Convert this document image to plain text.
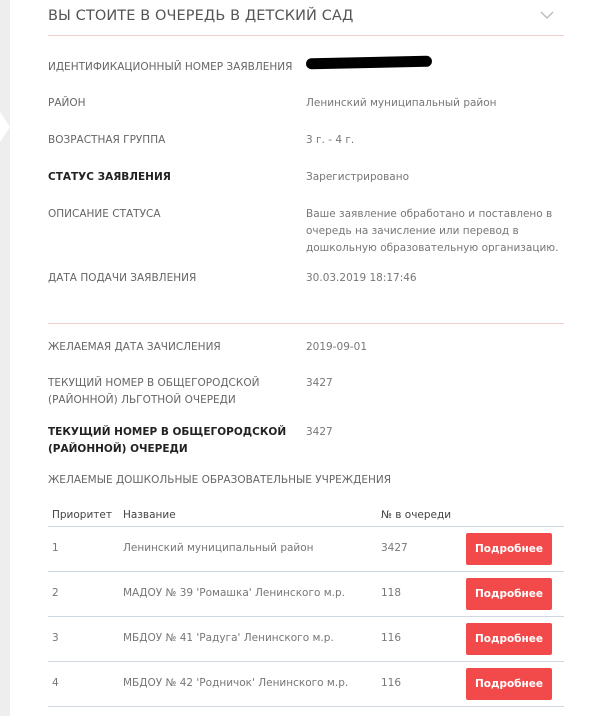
ВЫ СТОИТЕ В ОЧЕРЕДЬ В ДЕТСКИЙ САД
ИДЕНТИФИКАЦИОННЫЙ НОМЕР ЗАЯВЛЕНИЯ
РАЙОН	Ленинский муниципальный район
ВОЗРАСТНАЯ ГРУППА	3 г. - 4 г.
СТАТУС ЗАЯВЛЕНИЯ	Зарегистрировано
ОПИСАНИЕ СТАТУСА	Ваше заявление обработано и поставлено в
очередь на зачисление или перевод в
дошкольную образовательную организацию.
ДАТА ПОДАЧИ ЗАЯВЛЕНИЯ	30.03.2019 18:17:46
ЖЕЛАЕМАЯ ДАТА ЗАЧИСЛЕНИЯ	2019-09-01
ТЕКУЩИЙ НОМЕР В ОБЩЕГОРОДСКОЙ
(РАЙОННОЙ) ЛЬГОТНОЙ ОЧЕРЕДИ
3427
ТЕКУЩИЙ НОМЕР В ОБЩЕГОРОДСКОЙ
(РАЙОННОЙ) ОЧЕРЕДИ
3427
ЖЕЛАЕМЫЕ ДОШКОЛЬНЫЕ ОБРАЗОВАТЕЛЬНЫЕ УЧРЕЖДЕНИЯ
Приоритет Название	№ в очереди
1	Ленинский муниципальный район	3427	Подробнее
2	МАДОУ № 39 'Ромашка' Ленинского м.р.	118	Подробнее
3	МБДОУ № 41 'Радуга' Ленинского м.р.	116	Подробнее
4	МБДОУ № 42 'Родничок' Ленинского м.р.	116	Подробнее
